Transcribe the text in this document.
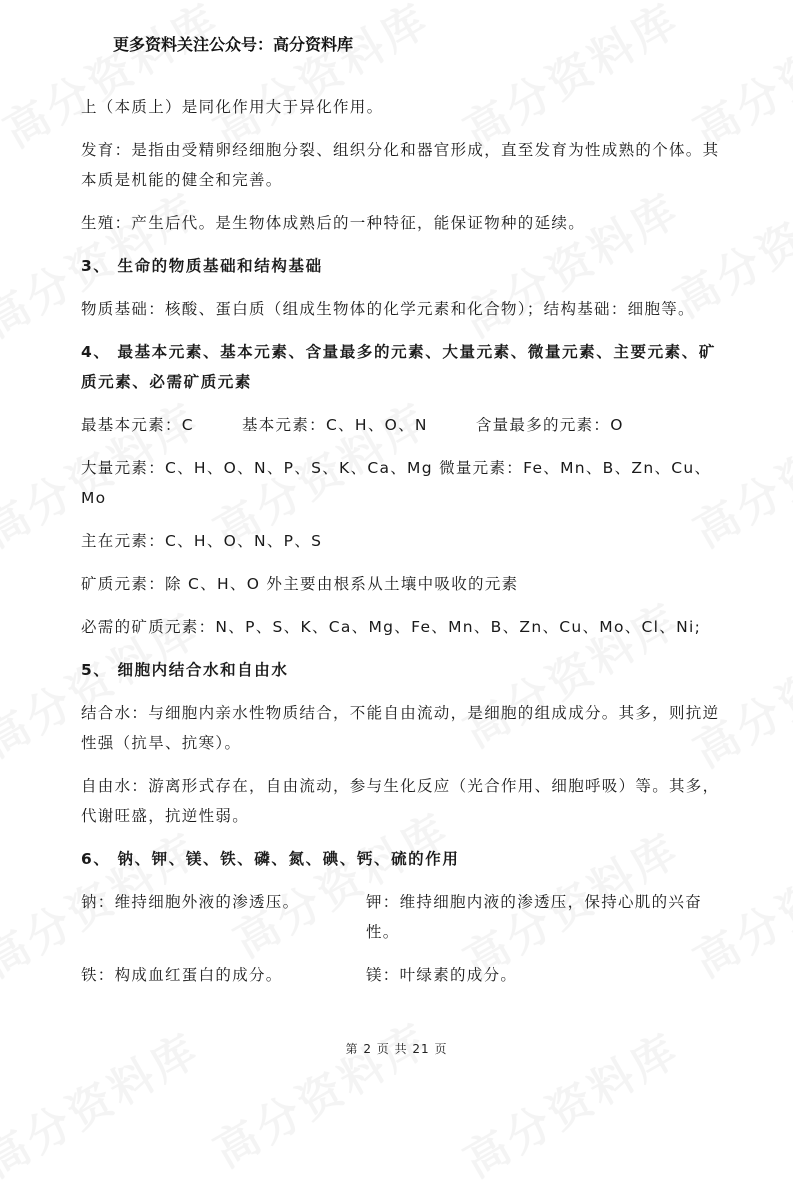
更多资料关注公众号：高分资料库

上（本质上）是同化作用大于异化作用。

发育：是指由受精卵经细胞分裂、组织分化和器官形成，直至发育为性成熟的个体。其本质是机能的健全和完善。

生殖：产生后代。是生物体成熟后的一种特征，能保证物种的延续。

3、 生命的物质基础和结构基础

物质基础：核酸、蛋白质（组成生物体的化学元素和化合物）；结构基础：细胞等。

4、 最基本元素、基本元素、含量最多的元素、大量元素、微量元素、主要元素、矿质元素、必需矿质元素

最基本元素：C	基本元素：C、H、O、N	含量最多的元素：O

大量元素：C、H、O、N、P、S、K、Ca、Mg 微量元素：Fe、Mn、B、Zn、Cu、Mo

主在元素：C、H、O、N、P、S

矿质元素：除 C、H、O 外主要由根系从土壤中吸收的元素

必需的矿质元素：N、P、S、K、Ca、Mg、Fe、Mn、B、Zn、Cu、Mo、Cl、Ni;

5、 细胞内结合水和自由水

结合水：与细胞内亲水性物质结合，不能自由流动，是细胞的组成成分。其多，则抗逆性强（抗旱、抗寒）。

自由水：游离形式存在，自由流动，参与生化反应（光合作用、细胞呼吸）等。其多，代谢旺盛，抗逆性弱。

6、 钠、钾、镁、铁、磷、氮、碘、钙、硫的作用

钠：维持细胞外液的渗透压。	钾：维持细胞内液的渗透压，保持心肌的兴奋性。
铁：构成血红蛋白的成分。	镁：叶绿素的成分。
第 2 页 共 21 页
